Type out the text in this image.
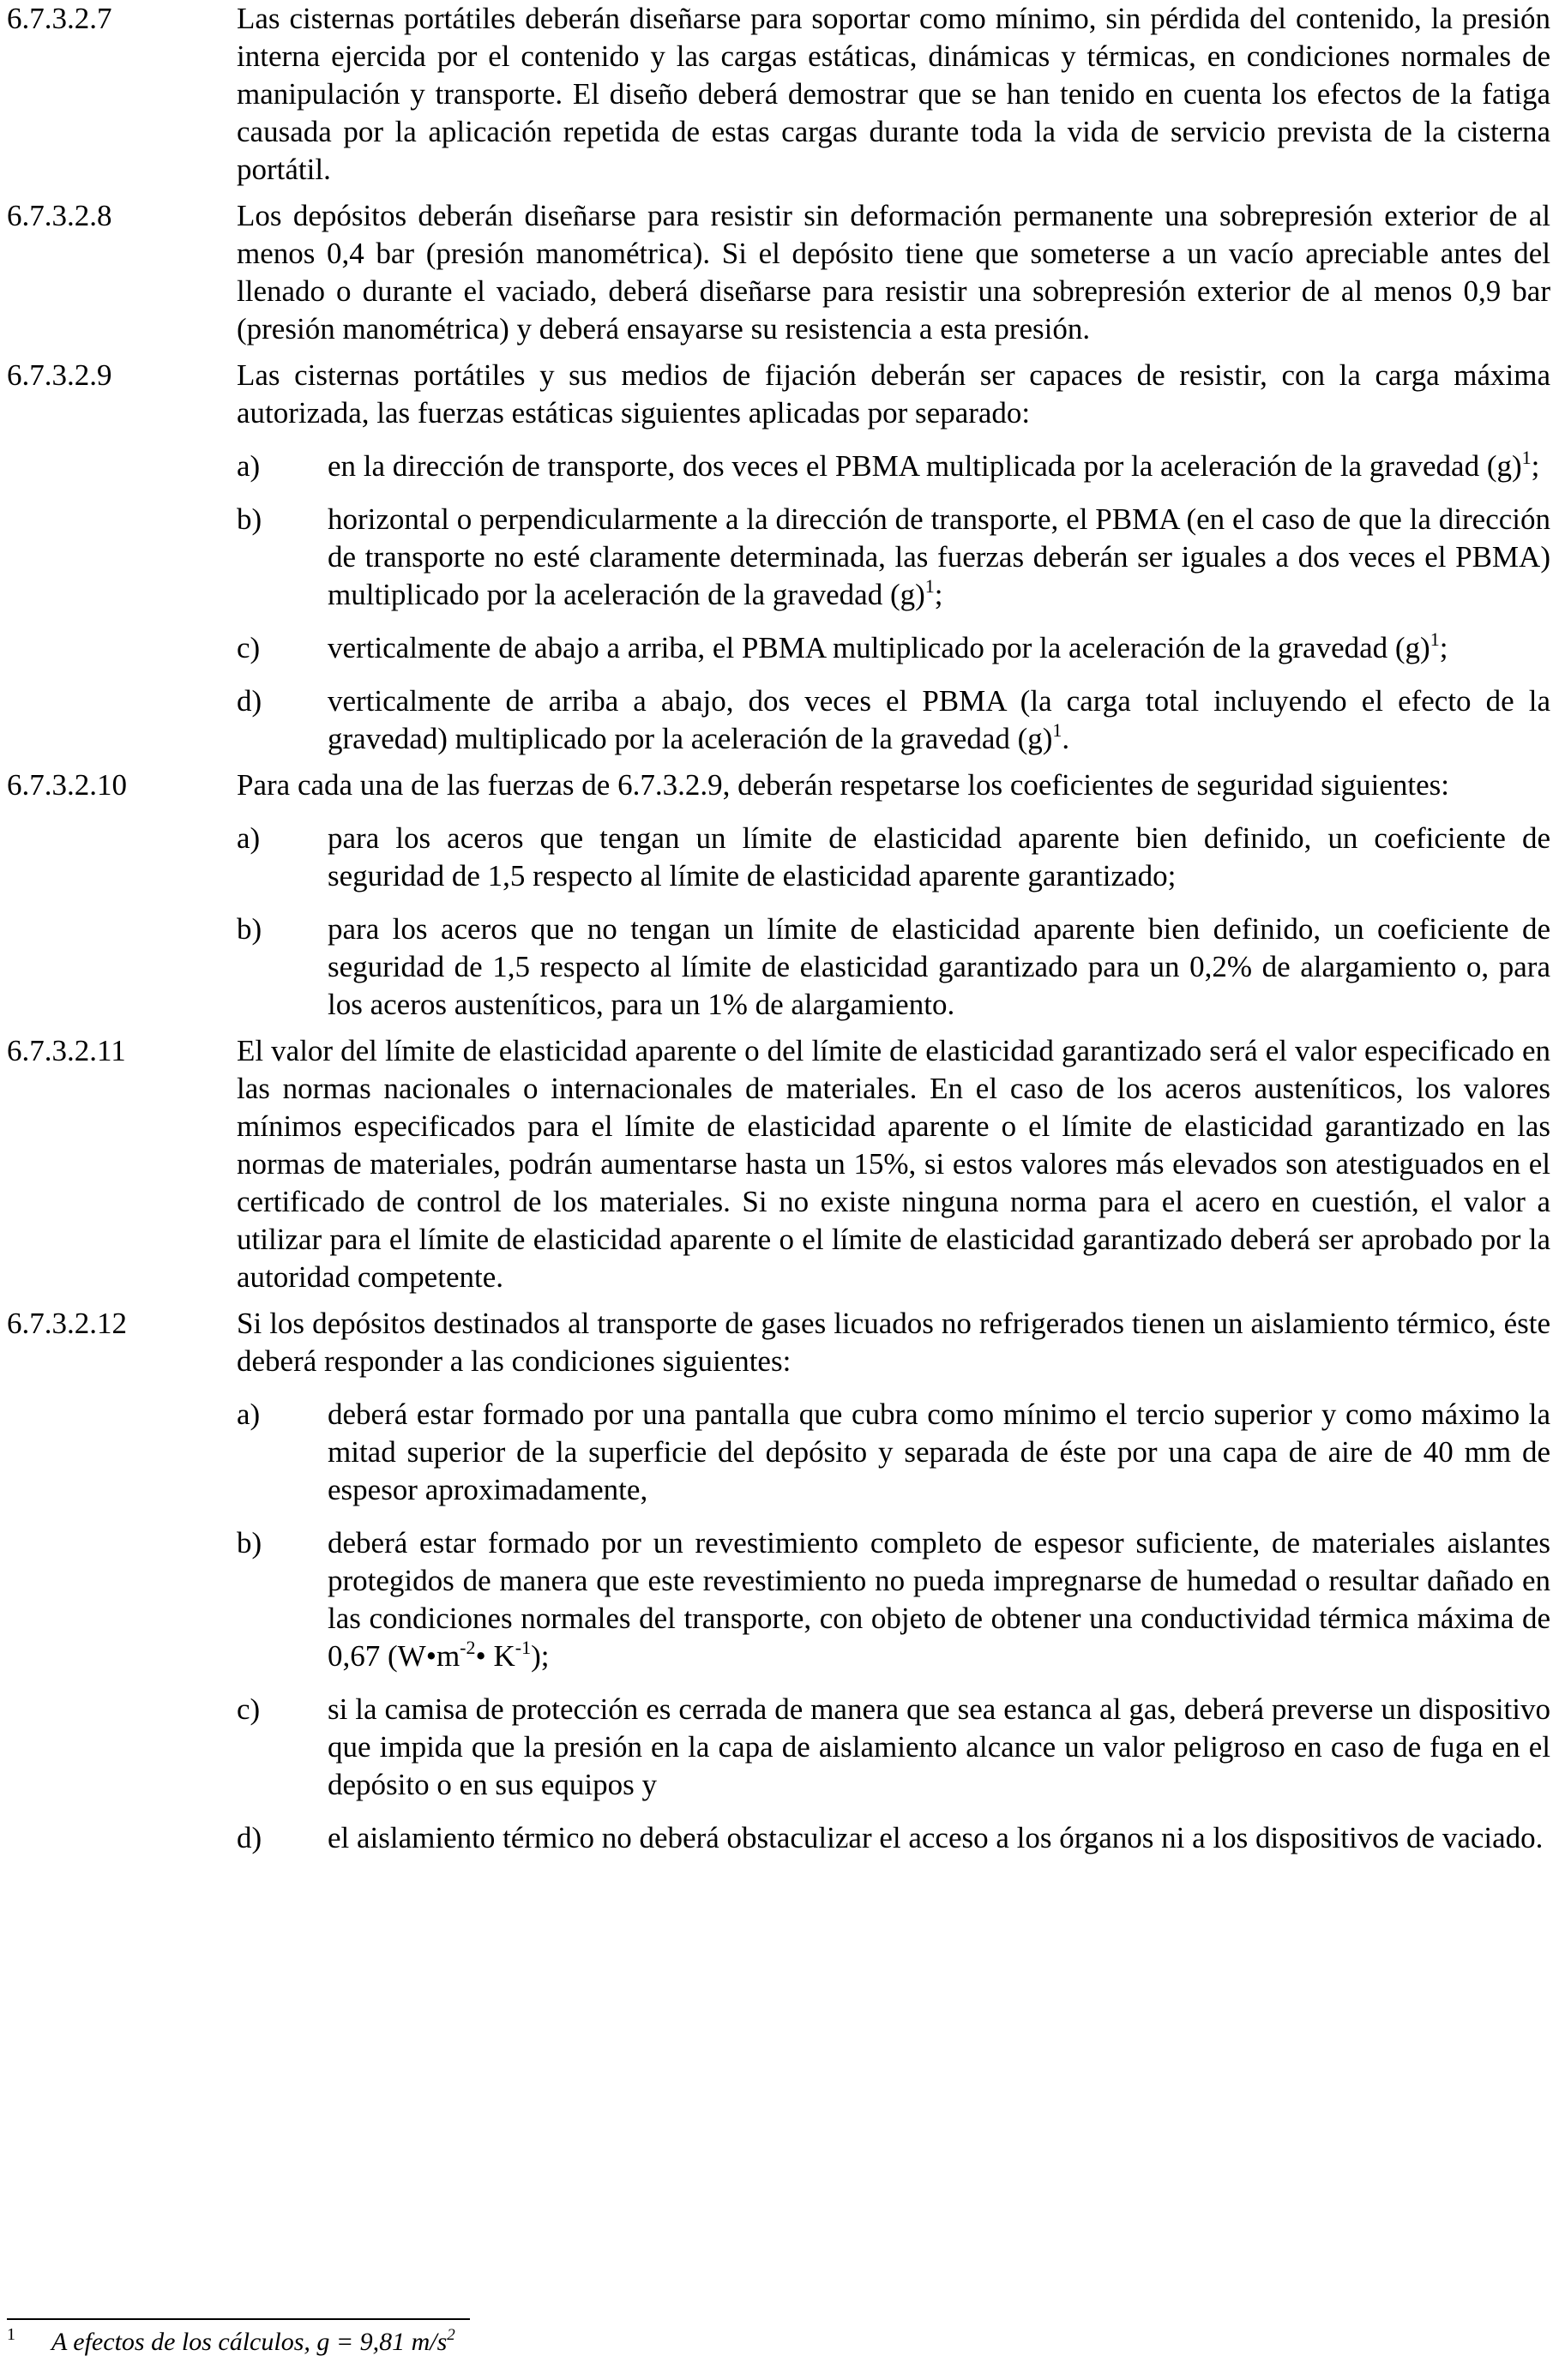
6.7.3.2.7	Las cisternas portátiles deberán diseñarse para soportar como mínimo, sin pérdida del contenido, la presión interna ejercida por el contenido y las cargas estáticas, dinámicas y térmicas, en condiciones normales de manipulación y transporte. El diseño deberá demostrar que se han tenido en cuenta los efectos de la fatiga causada por la aplicación repetida de estas cargas durante toda la vida de servicio prevista de la cisterna portátil.

6.7.3.2.8	Los depósitos deberán diseñarse para resistir sin deformación permanente una sobrepresión exterior de al menos 0,4 bar (presión manométrica). Si el depósito tiene que someterse a un vacío apreciable antes del llenado o durante el vaciado, deberá diseñarse para resistir una sobrepresión exterior de al menos 0,9 bar (presión manométrica) y deberá ensayarse su resistencia a esta presión.

6.7.3.2.9	Las cisternas portátiles y sus medios de fijación deberán ser capaces de resistir, con la carga máxima autorizada, las fuerzas estáticas siguientes aplicadas por separado:

a)	en la dirección de transporte, dos veces el PBMA multiplicada por la aceleración de la gravedad $(g)^1$;
b)	horizontal o perpendicularmente a la dirección de transporte, el PBMA (en el caso de que la dirección de transporte no esté claramente determinada, las fuerzas deberán ser iguales a dos veces el PBMA) multiplicado por la aceleración de la gravedad $(g)^1$;
c)	verticalmente de abajo a arriba, el PBMA multiplicado por la aceleración de la gravedad $(g)^1$;
d)	verticalmente de arriba a abajo, dos veces el PBMA (la carga total incluyendo el efecto de la gravedad) multiplicado por la aceleración de la gravedad $(g)^1$.
6.7.3.2.10	Para cada una de las fuerzas de 6.7.3.2.9, deberán respetarse los coeficientes de seguridad siguientes:

a)	para los aceros que tengan un límite de elasticidad aparente bien definido, un coeficiente de seguridad de 1,5 respecto al límite de elasticidad aparente garantizado;
b)	para los aceros que no tengan un límite de elasticidad aparente bien definido, un coeficiente de seguridad de 1,5 respecto al límite de elasticidad garantizado para un 0,2% de alargamiento o, para los aceros austeníticos, para un 1% de alargamiento.
6.7.3.2.11	El valor del límite de elasticidad aparente o del límite de elasticidad garantizado será el valor especificado en las normas nacionales o internacionales de materiales. En el caso de los aceros austeníticos, los valores mínimos especificados para el límite de elasticidad aparente o el límite de elasticidad garantizado en las normas de materiales, podrán aumentarse hasta un 15%, si estos valores más elevados son atestiguados en el certificado de control de los materiales. Si no existe ninguna norma para el acero en cuestión, el valor a utilizar para el límite de elasticidad aparente o el límite de elasticidad garantizado deberá ser aprobado por la autoridad competente.

6.7.3.2.12	Si los depósitos destinados al transporte de gases licuados no refrigerados tienen un aislamiento térmico, éste deberá responder a las condiciones siguientes:

a)	deberá estar formado por una pantalla que cubra como mínimo el tercio superior y como máximo la mitad superior de la superficie del depósito y separada de éste por una capa de aire de 40 mm de espesor aproximadamente,
b)	deberá estar formado por un revestimiento completo de espesor suficiente, de materiales aislantes protegidos de manera que este revestimiento no pueda impregnarse de humedad o resultar dañado en las condiciones normales del transporte, con objeto de obtener una conductividad térmica máxima de 0,67 ($W•m^{-2}•$ $K^{-1}$);
c)	si la camisa de protección es cerrada de manera que sea estanca al gas, deberá preverse un dispositivo que impida que la presión en la capa de aislamiento alcance un valor peligroso en caso de fuga en el depósito o en sus equipos y
d)	el aislamiento térmico no deberá obstaculizar el acceso a los órganos ni a los dispositivos de vaciado.
1 A efectos de los cálculos, g = 9,81 $m/s^2$
